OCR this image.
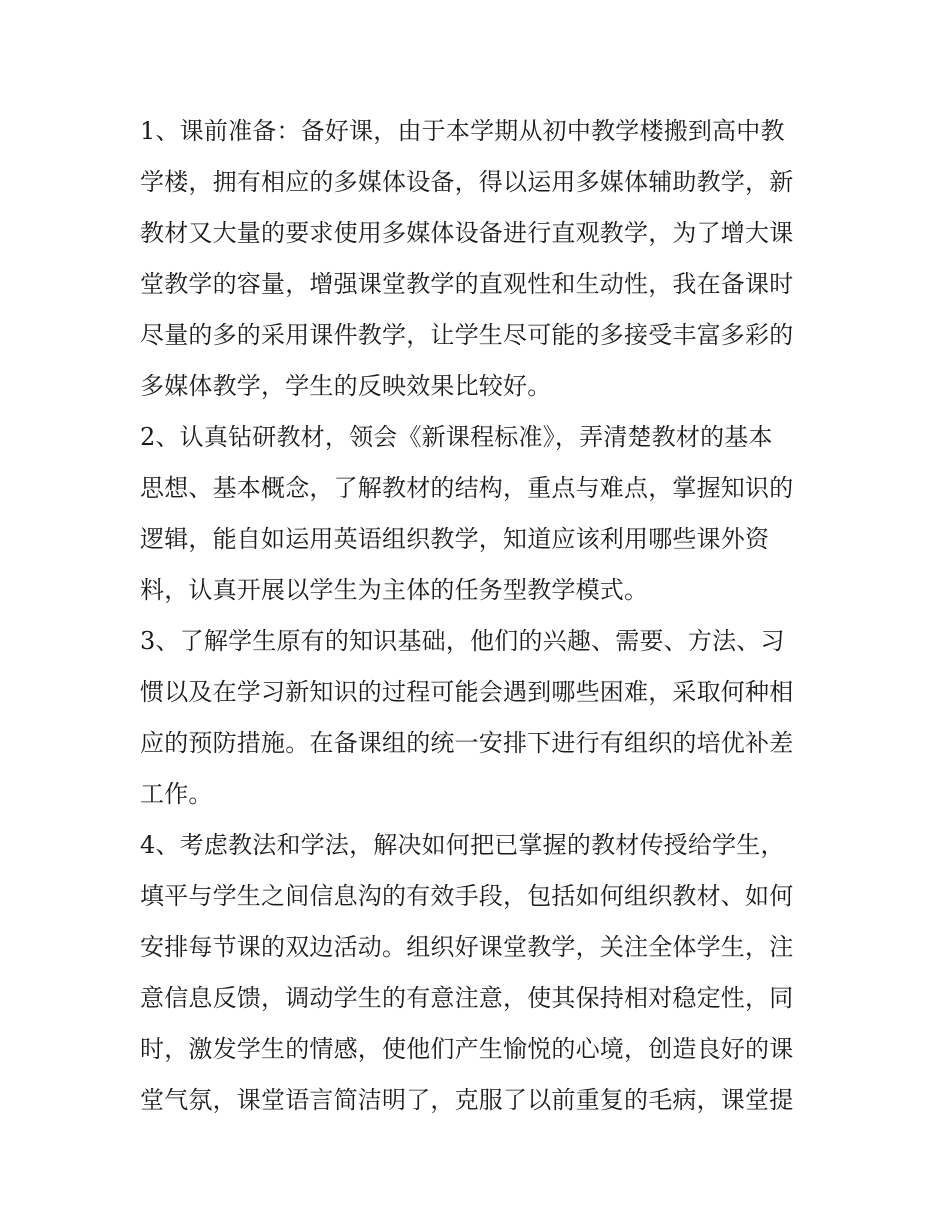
1、课前准备：备好课，由于本学期从初中教学楼搬到高中教
学楼，拥有相应的多媒体设备，得以运用多媒体辅助教学，新
教材又大量的要求使用多媒体设备进行直观教学，为了增大课
堂教学的容量，增强课堂教学的直观性和生动性，我在备课时
尽量的多的采用课件教学，让学生尽可能的多接受丰富多彩的
多媒体教学，学生的反映效果比较好。
2、认真钻研教材，领会《新课程标准》，弄清楚教材的基本
思想、基本概念，了解教材的结构，重点与难点，掌握知识的
逻辑，能自如运用英语组织教学，知道应该利用哪些课外资
料，认真开展以学生为主体的任务型教学模式。
3、了解学生原有的知识基础，他们的兴趣、需要、方法、习
惯以及在学习新知识的过程可能会遇到哪些困难，采取何种相
应的预防措施。在备课组的统一安排下进行有组织的培优补差
工作。
4、考虑教法和学法，解决如何把已掌握的教材传授给学生，
填平与学生之间信息沟的有效手段，包括如何组织教材、如何
安排每节课的双边活动。组织好课堂教学，关注全体学生，注
意信息反馈，调动学生的有意注意，使其保持相对稳定性，同
时，激发学生的情感，使他们产生愉悦的心境，创造良好的课
堂气氛，课堂语言简洁明了，克服了以前重复的毛病，课堂提
